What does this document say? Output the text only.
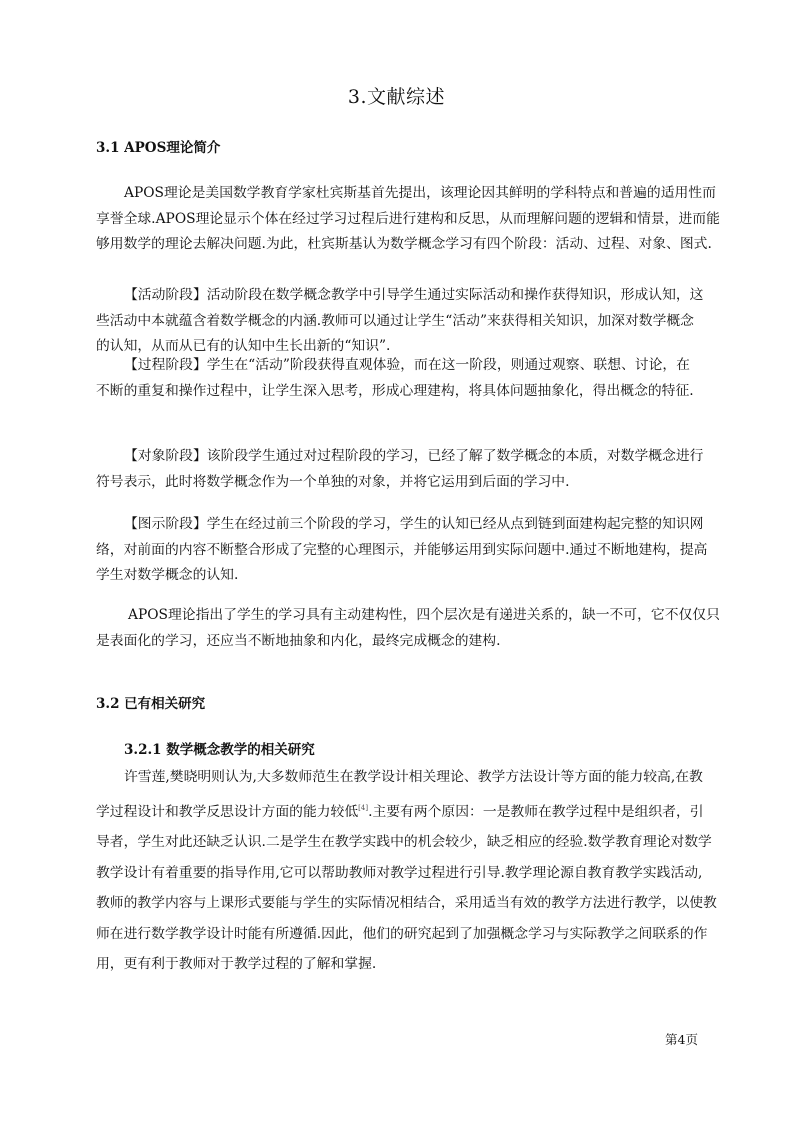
3.文献综述
3.1 APOS理论简介
APOS理论是美国数学教育学家杜宾斯基首先提出，该理论因其鲜明的学科特点和普遍的适用性而
享誉全球.APOS理论显示个体在经过学习过程后进行建构和反思，从而理解问题的逻辑和情景，进而能
够用数学的理论去解决问题.为此，杜宾斯基认为数学概念学习有四个阶段：活动、过程、对象、图式.
【活动阶段】活动阶段在数学概念教学中引导学生通过实际活动和操作获得知识，形成认知，这
些活动中本就蕴含着数学概念的内涵.教师可以通过让学生“活动”来获得相关知识，加深对数学概念
的认知，从而从已有的认知中生长出新的“知识”.
【过程阶段】学生在“活动”阶段获得直观体验，而在这一阶段，则通过观察、联想、讨论，在
不断的重复和操作过程中，让学生深入思考，形成心理建构，将具体问题抽象化，得出概念的特征.
【对象阶段】该阶段学生通过对过程阶段的学习，已经了解了数学概念的本质，对数学概念进行
符号表示，此时将数学概念作为一个单独的对象，并将它运用到后面的学习中.
【图示阶段】学生在经过前三个阶段的学习，学生的认知已经从点到链到面建构起完整的知识网
络，对前面的内容不断整合形成了完整的心理图示，并能够运用到实际问题中.通过不断地建构，提高
学生对数学概念的认知.
APOS理论指出了学生的学习具有主动建构性，四个层次是有递进关系的，缺一不可，它不仅仅只
是表面化的学习，还应当不断地抽象和内化，最终完成概念的建构.
3.2 已有相关研究
3.2.1 数学概念教学的相关研究
许雪莲,樊晓明则认为,大多数师范生在教学设计相关理论、教学方法设计等方面的能力较高,在教
学过程设计和教学反思设计方面的能力较低[4].主要有两个原因：一是教师在教学过程中是组织者，引
导者，学生对此还缺乏认识.二是学生在教学实践中的机会较少，缺乏相应的经验.数学教育理论对数学
教学设计有着重要的指导作用,它可以帮助教师对教学过程进行引导.教学理论源自教育教学实践活动,
教师的教学内容与上课形式要能与学生的实际情况相结合，采用适当有效的教学方法进行教学，以使教
师在进行数学教学设计时能有所遵循.因此，他们的研究起到了加强概念学习与实际教学之间联系的作
用，更有利于教师对于教学过程的了解和掌握.
第4页
